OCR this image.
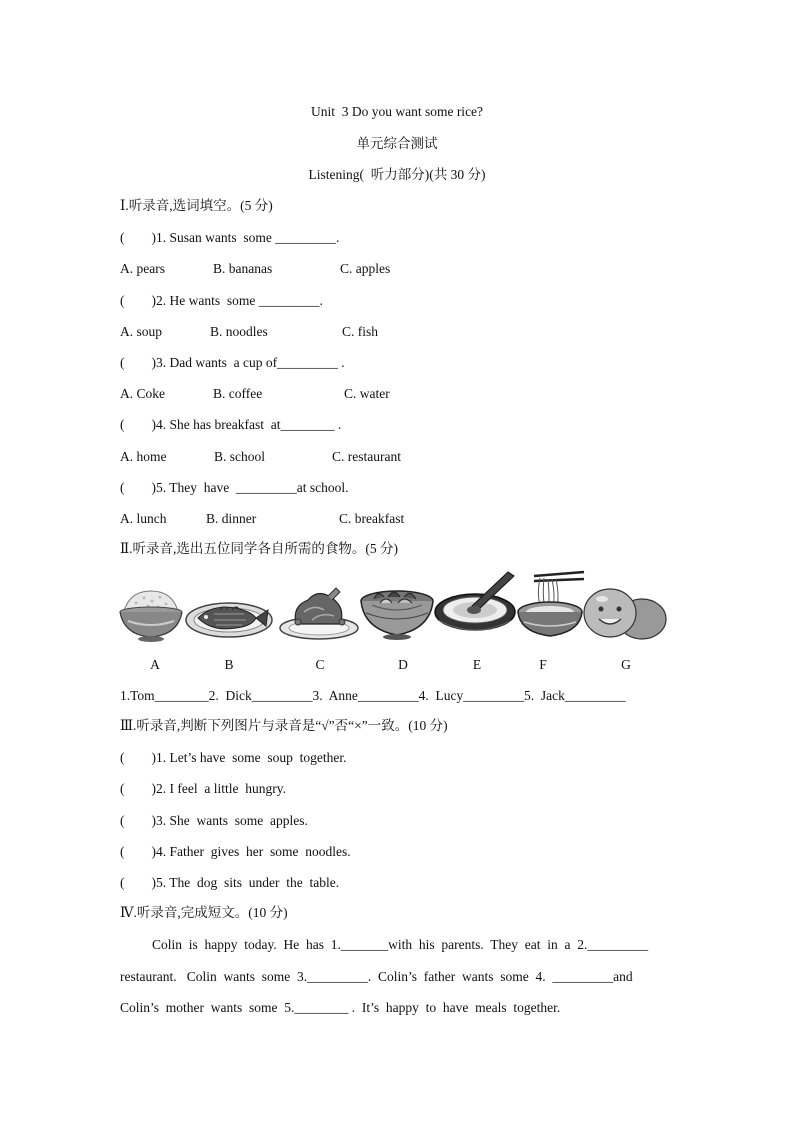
Unit  3 Do you want some rice?
单元综合测试
Listening(  听力部分)(共 30 分)
Ⅰ.听录音,选词填空。(5 分)
(        )1. Susan wants  some _________.
A. pears	B. bananas	C. apples
(        )2. He wants  some _________.
A. soup	B. noodles	C. fish
(        )3. Dad wants  a cup of_________ .
A. Coke	B. coffee	C. water
(        )4. She has breakfast  at________ .
A. home	B. school	C. restaurant
(        )5. They  have  _________at school.
A. lunch	B. dinner	C. breakfast
Ⅱ.听录音,选出五位同学各自所需的食物。(5 分)
A	B	C	D	E	F	G
1.Tom________2.  Dick_________3.  Anne_________4.  Lucy_________5.  Jack_________
Ⅲ.听录音,判断下列图片与录音是“√”否“×”一致。(10 分)
(        )1. Let’s have  some  soup  together.
(        )2. I feel  a little  hungry.
(        )3. She  wants  some  apples.
(        )4. Father  gives  her  some  noodles.
(        )5. The  dog  sits  under  the  table.
Ⅳ.听录音,完成短文。(10 分)
Colin  is  happy  today.  He  has  1._______with  his  parents.  They  eat  in  a  2._________
restaurant.   Colin  wants  some  3._________.  Colin’s  father  wants  some  4.  _________and
Colin’s  mother  wants  some  5.________ .  It’s  happy  to  have  meals  together.
